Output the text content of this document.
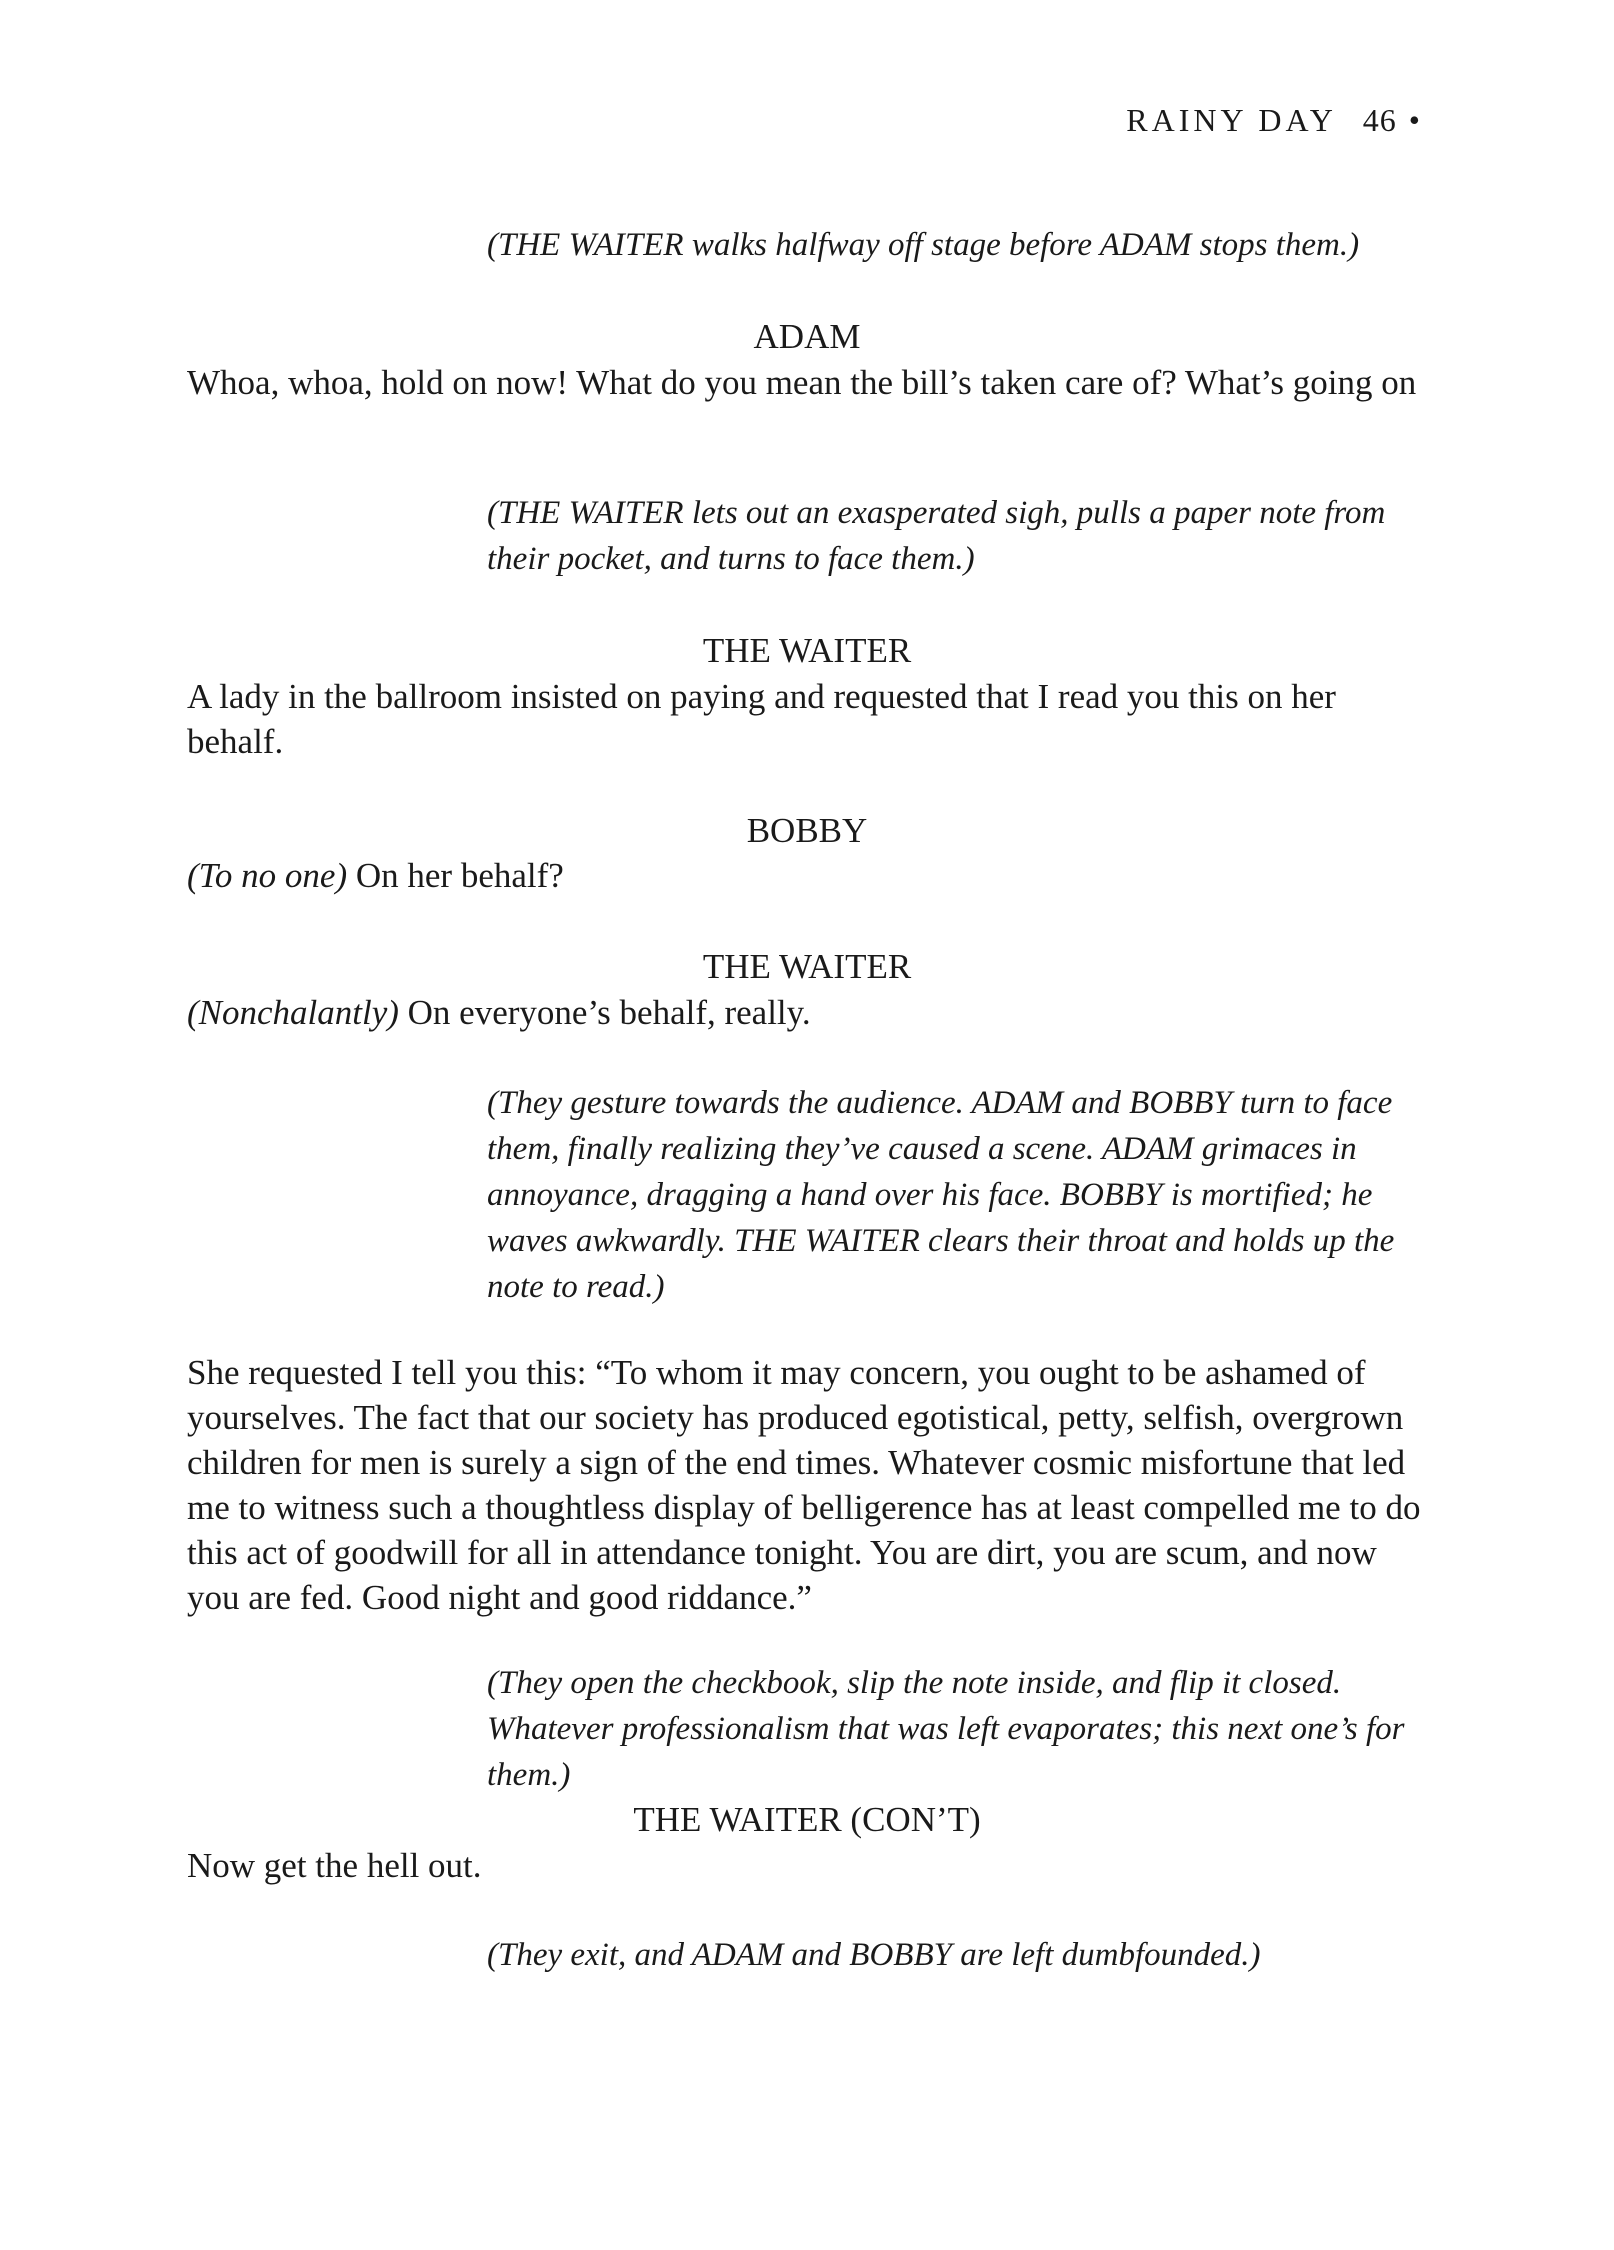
RAINY DAY 46 •
(THE WAITER walks halfway off stage before ADAM stops them.)
ADAM
Whoa, whoa, hold on now! What do you mean the bill’s taken care of? What’s going on
(THE WAITER lets out an exasperated sigh, pulls a paper note from their pocket, and turns to face them.)
THE WAITER
A lady in the ballroom insisted on paying and requested that I read you this on her behalf.
BOBBY
(To no one) On her behalf?
THE WAITER
(Nonchalantly) On everyone’s behalf, really.
(They gesture towards the audience. ADAM and BOBBY turn to face them, finally realizing they’ve caused a scene. ADAM grimaces in annoyance, dragging a hand over his face. BOBBY is mortified; he waves awkwardly. THE WAITER clears their throat and holds up the note to read.)
She requested I tell you this: “To whom it may concern, you ought to be ashamed of yourselves. The fact that our society has produced egotistical, petty, selfish, overgrown children for men is surely a sign of the end times. Whatever cosmic misfortune that led me to witness such a thoughtless display of belligerence has at least compelled me to do this act of goodwill for all in attendance tonight. You are dirt, you are scum, and now you are fed. Good night and good riddance.”
(They open the checkbook, slip the note inside, and flip it closed. Whatever professionalism that was left evaporates; this next one’s for them.)
THE WAITER (CON’T)
Now get the hell out.
(They exit, and ADAM and BOBBY are left dumbfounded.)
